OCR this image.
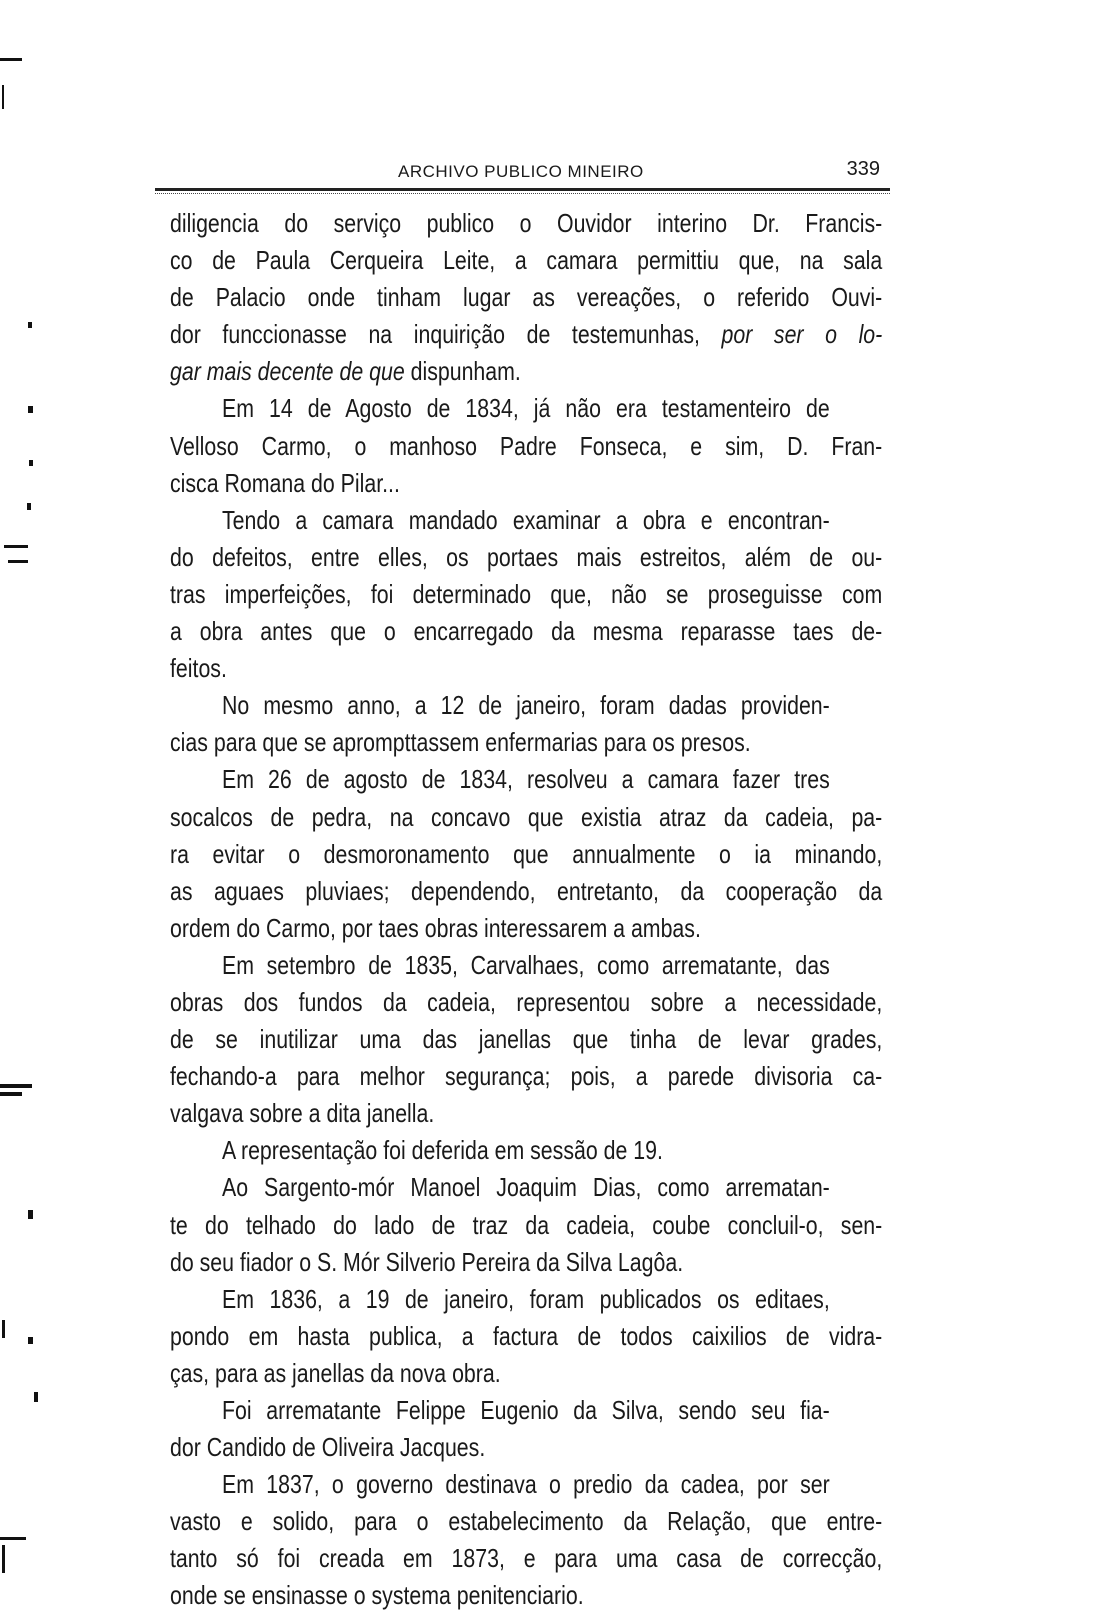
ARCHIVO PUBLICO MINEIRO	339
diligencia do serviço publico o Ouvidor interino Dr. Francis-
co de Paula Cerqueira Leite, a camara permittiu que, na sala
de Palacio onde tinham lugar as vereações, o referido Ouvi-
dor funccionasse na inquirição de testemunhas, por ser o lo-
gar mais decente de que dispunham.
Em 14 de Agosto de 1834, já não era testamenteiro de
Velloso Carmo, o manhoso Padre Fonseca, e sim, D. Fran-
cisca Romana do Pilar...
Tendo a camara mandado examinar a obra e encontran-
do defeitos, entre elles, os portaes mais estreitos, além de ou-
tras imperfeições, foi determinado que, não se proseguisse com
a obra antes que o encarregado da mesma reparasse taes de-
feitos.
No mesmo anno, a 12 de janeiro, foram dadas providen-
cias para que se aprompttassem enfermarias para os presos.
Em 26 de agosto de 1834, resolveu a camara fazer tres
socalcos de pedra, na concavo que existia atraz da cadeia, pa-
ra evitar o desmoronamento que annualmente o ia minando,
as aguaes pluviaes; dependendo, entretanto, da cooperação da
ordem do Carmo, por taes obras interessarem a ambas.
Em setembro de 1835, Carvalhaes, como arrematante, das
obras dos fundos da cadeia, representou sobre a necessidade,
de se inutilizar uma das janellas que tinha de levar grades,
fechando-a para melhor segurança; pois, a parede divisoria ca-
valgava sobre a dita janella.
A representação foi deferida em sessão de 19.
Ao Sargento-mór Manoel Joaquim Dias, como arrematan-
te do telhado do lado de traz da cadeia, coube concluil-o, sen-
do seu fiador o S. Mór Silverio Pereira da Silva Lagôa.
Em 1836, a 19 de janeiro, foram publicados os editaes,
pondo em hasta publica, a factura de todos caixilios de vidra-
ças, para as janellas da nova obra.
Foi arrematante Felippe Eugenio da Silva, sendo seu fia-
dor Candido de Oliveira Jacques.
Em 1837, o governo destinava o predio da cadea, por ser
vasto e solido, para o estabelecimento da Relação, que entre-
tanto só foi creada em 1873, e para uma casa de correcção,
onde se ensinasse o systema penitenciario.
